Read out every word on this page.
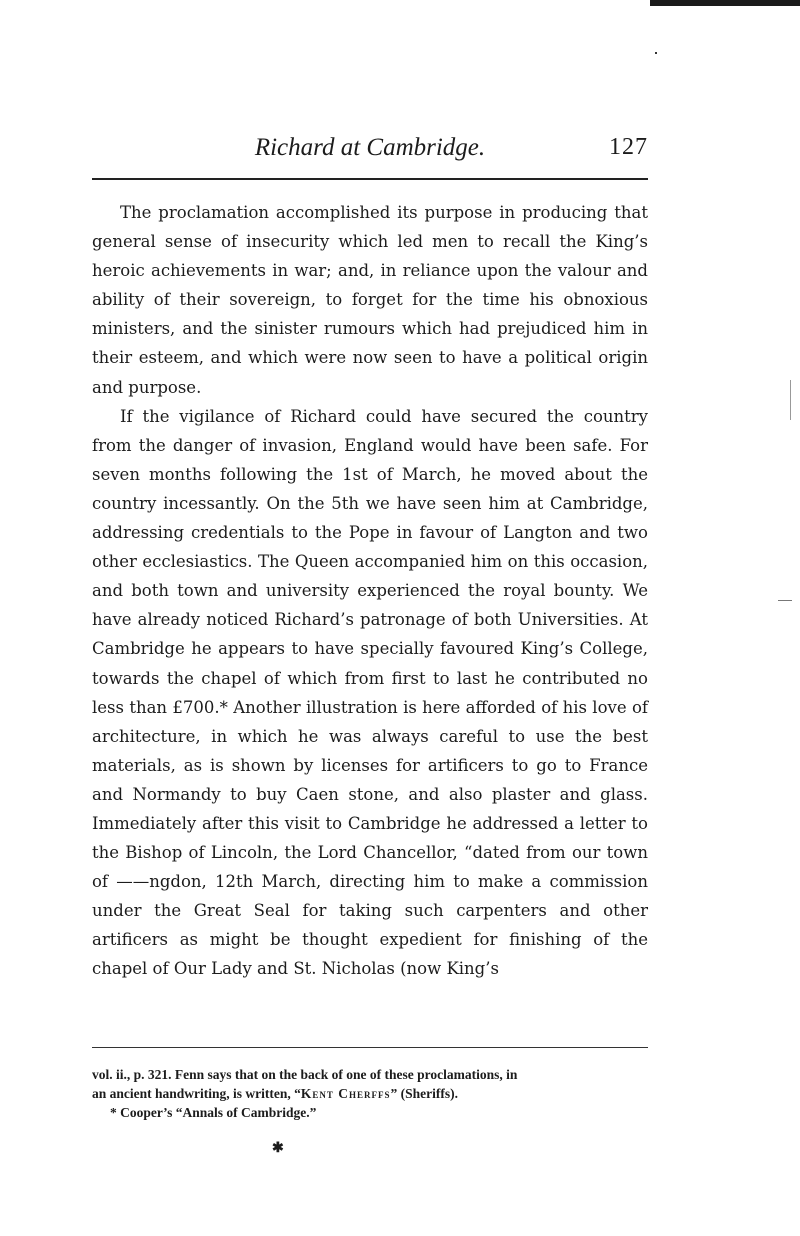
Richard at Cambridge.	127

The proclamation accomplished its purpose in producing that general sense of insecurity which led men to recall the King’s heroic achievements in war; and, in reliance upon the valour and ability of their sovereign, to forget for the time his obnoxious ministers, and the sinister rumours which had prejudiced him in their esteem, and which were now seen to have a political origin and purpose.

If the vigilance of Richard could have secured the country from the danger of invasion, England would have been safe. For seven months following the 1st of March, he moved about the country incessantly. On the 5th we have seen him at Cambridge, addressing credentials to the Pope in favour of Langton and two other ecclesiastics. The Queen accompanied him on this occasion, and both town and university experienced the royal bounty. We have already noticed Richard’s patronage of both Universities. At Cambridge he appears to have specially favoured King’s College, towards the chapel of which from first to last he contributed no less than £700.* Another illustration is here afforded of his love of architecture, in which he was always careful to use the best materials, as is shown by licenses for artificers to go to France and Normandy to buy Caen stone, and also plaster and glass. Immediately after this visit to Cambridge he addressed a letter to the Bishop of Lincoln, the Lord Chancellor, “dated from our town of ——ngdon, 12th March, directing him to make a commission under the Great Seal for taking such carpenters and other artificers as might be thought expedient for finishing of the chapel of Our Lady and St. Nicholas (now King’s

vol. ii., p. 321. Fenn says that on the back of one of these proclamations, in

an ancient handwriting, is written, “Kent Cherffs” (Sheriffs).

* Cooper’s “Annals of Cambridge.”

✱
